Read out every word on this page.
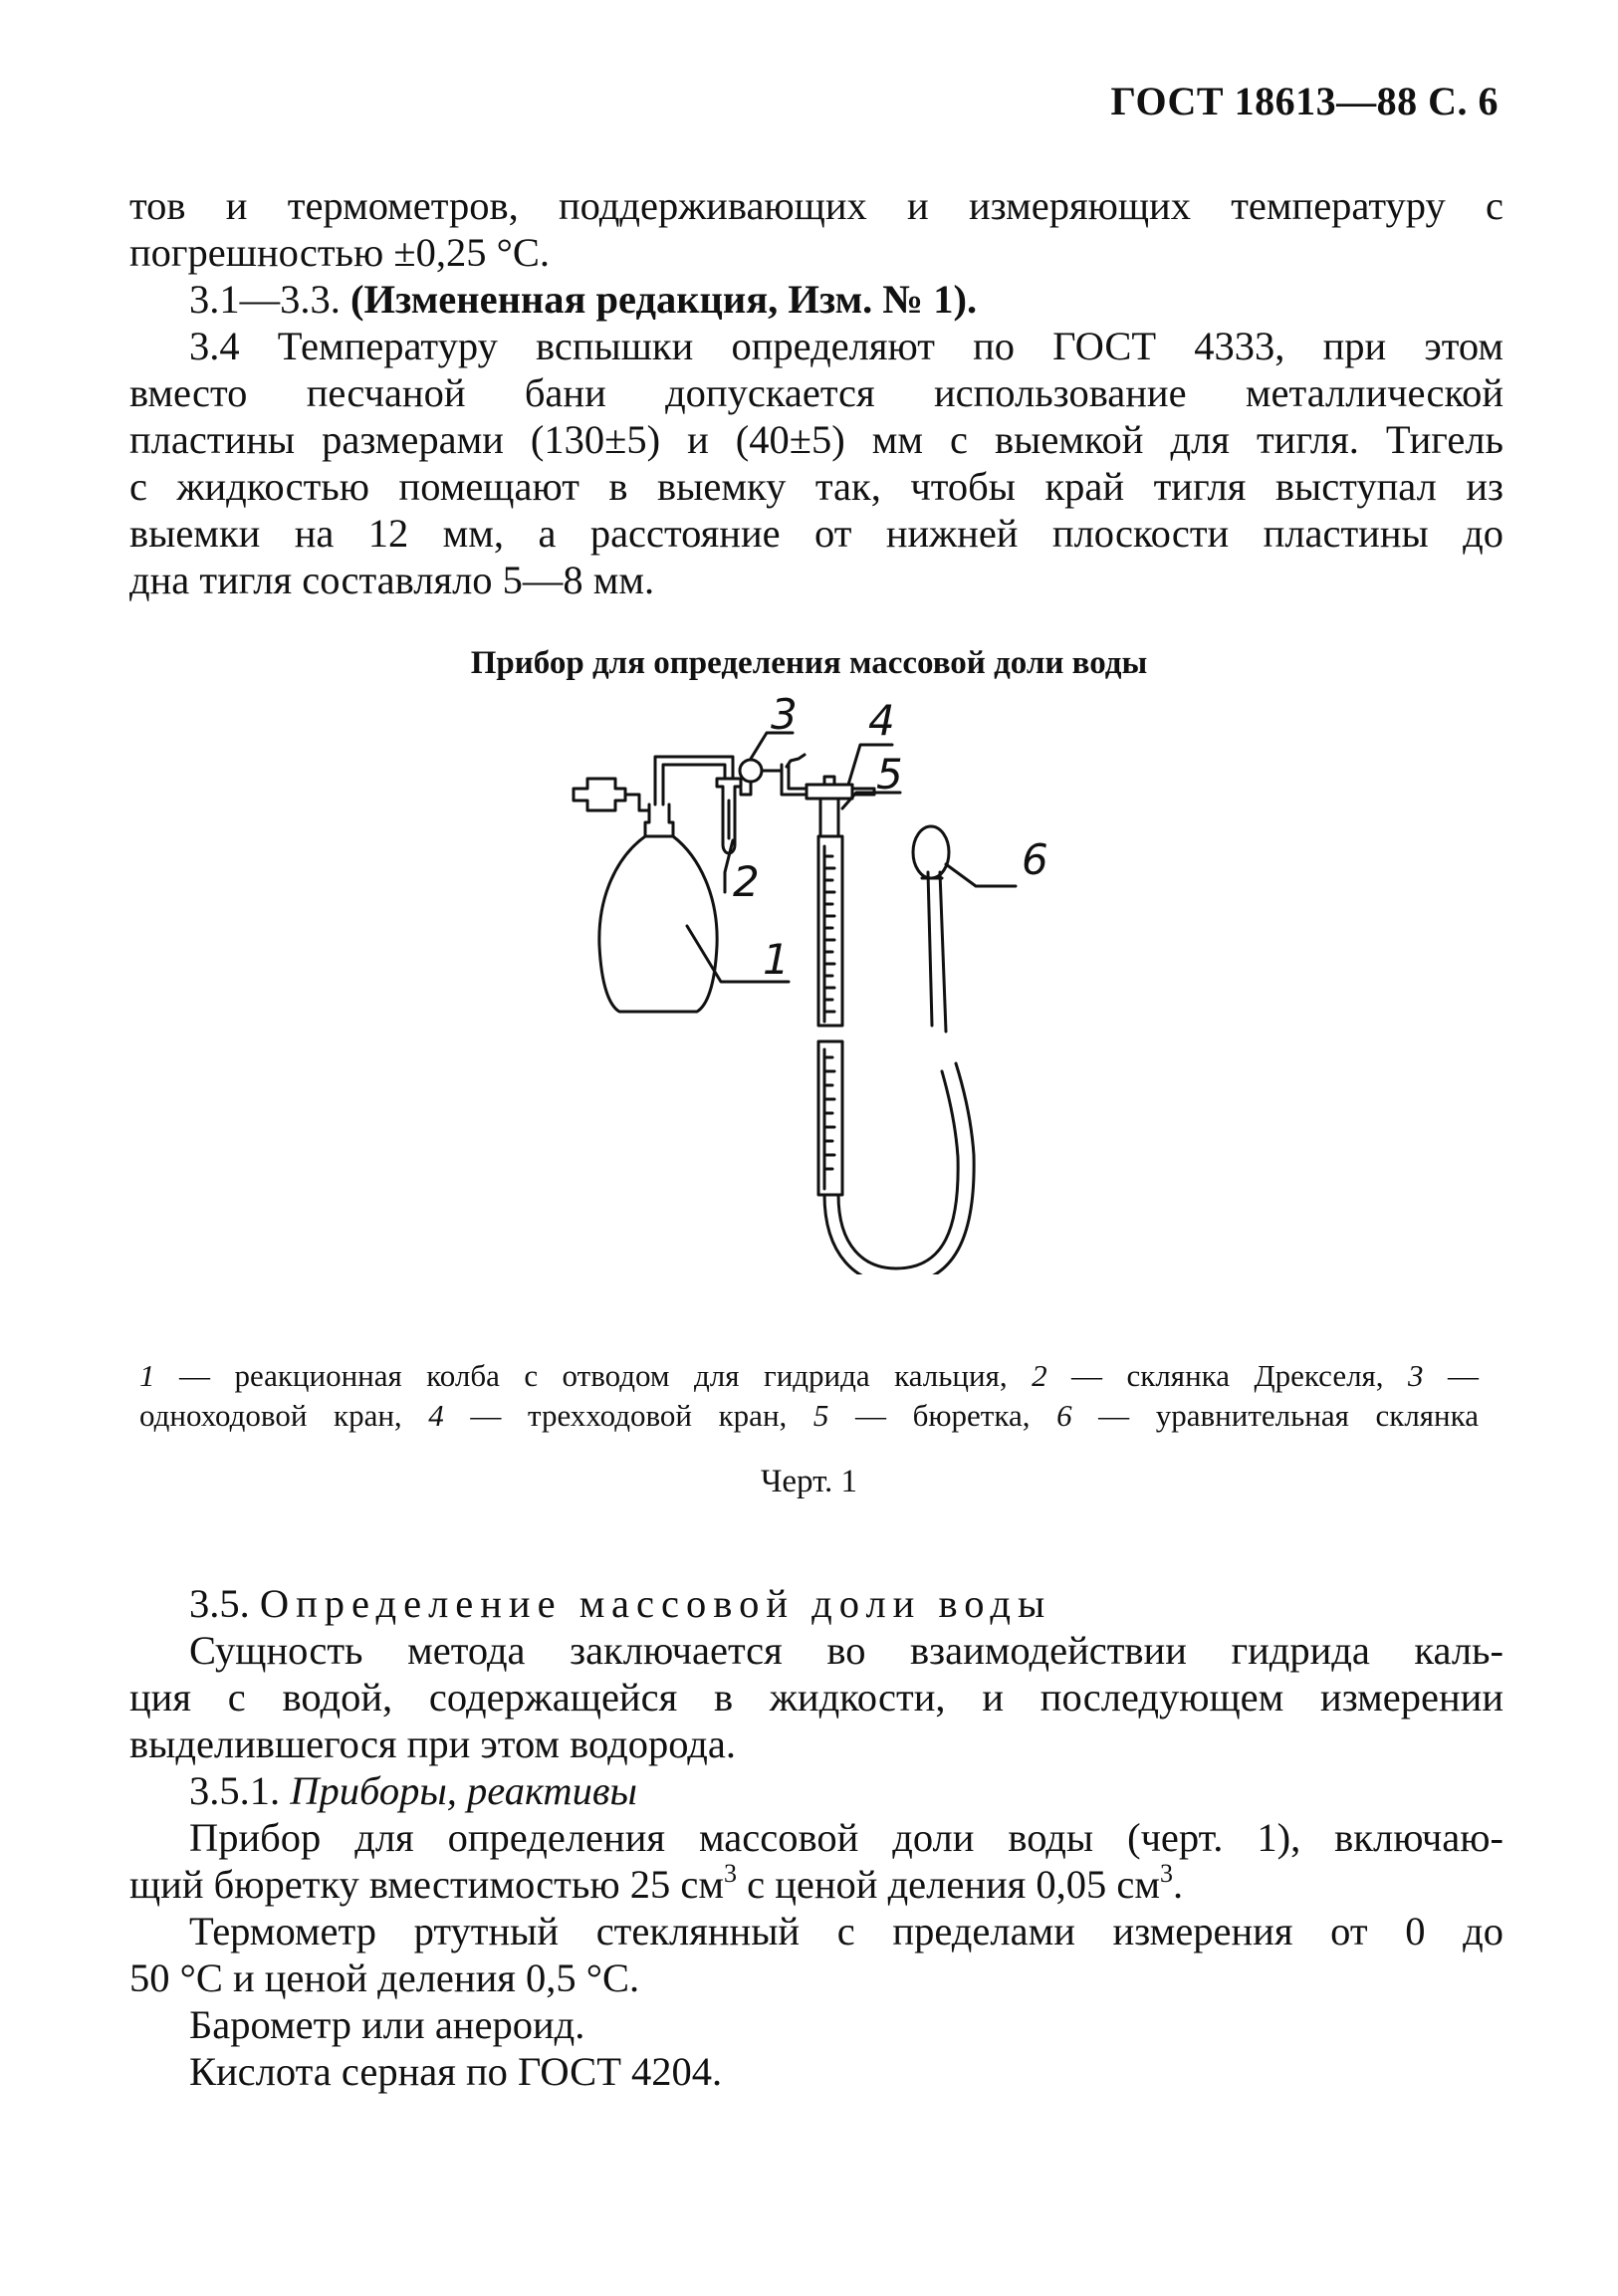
ГОСТ 18613—88 С. 6

тов и термометров, поддерживающих и измеряющих температуру с

погрешностью ±0,25 °С.

3.1—3.3. (Измененная редакция, Изм. № 1).

3.4 Температуру вспышки определяют по ГОСТ 4333, при этом

вместо песчаной бани допускается использование металлической

пластины размерами (130±5) и (40±5) мм с выемкой для тигля. Тигель

с жидкостью помещают в выемку так, чтобы край тигля выступал из

выемки на 12 мм, а расстояние от нижней плоскости пластины до

дна тигля составляло 5—8 мм.

Прибор для определения массовой доли воды
3 4
5
6
2
1
1 — реакционная колба с отводом для гидрида кальция, 2 — склянка Дрекселя, 3 —
одноходовой кран, 4 — трехходовой кран, 5 — бюретка, 6 — уравнительная склянка
Черт. 1

3.5. Определение массовой доли воды

Сущность метода заключается во взаимодействии гидрида каль-

ция с водой, содержащейся в жидкости, и последующем измерении

выделившегося при этом водорода.

3.5.1. Приборы, реактивы

Прибор для определения массовой доли воды (черт. 1), включаю-

щий бюретку вместимостью 25 $см^3$ с ценой деления 0,05 $см^3$.

Термометр ртутный стеклянный с пределами измерения от 0 до

50 °С и ценой деления 0,5 °С.

Барометр или анероид.

Кислота серная по ГОСТ 4204.
